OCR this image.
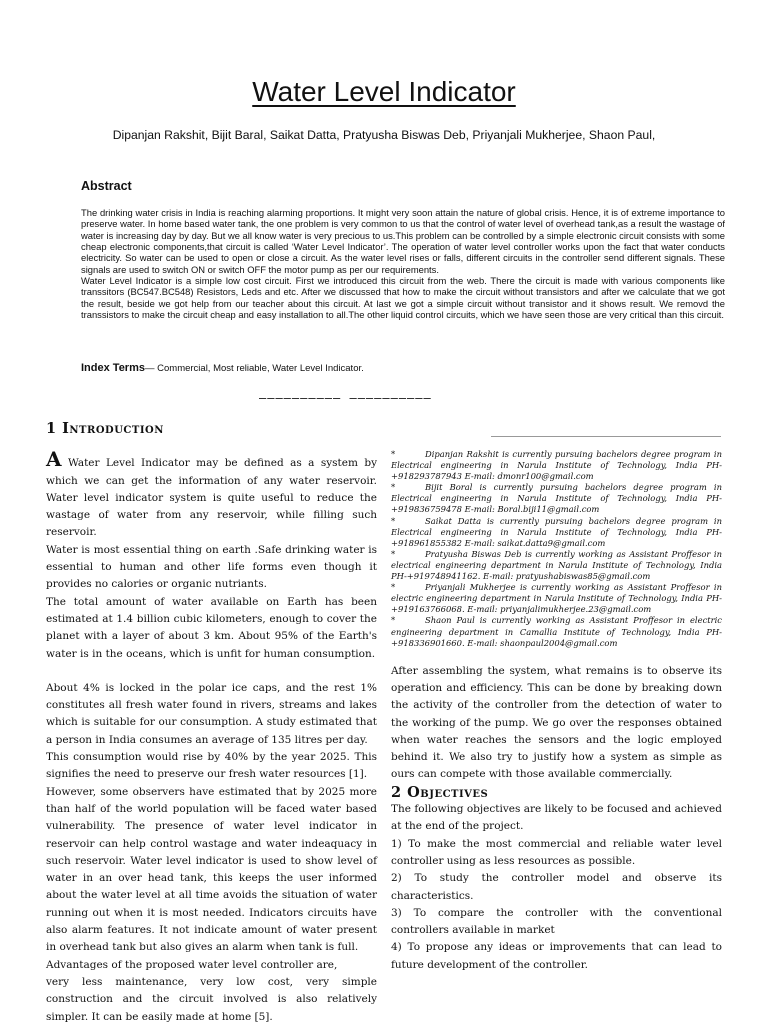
Water Level Indicator
Dipanjan Rakshit, Bijit Baral, Saikat Datta, Pratyusha Biswas Deb, Priyanjali Mukherjee, Shaon Paul,
Abstract

The drinking water crisis in India is reaching alarming proportions. It might very soon attain the nature of global crisis. Hence, it is of extreme importance to preserve water. In home based water tank, the one problem is very common to us that the control of water level of overhead tank,as a result the wastage of water is increasing day by day. But we all know water is very precious to us.This problem can be controlled by a simple electronic circuit consists with some cheap electronic components,that circuit is called ‘Water Level Indicator’. The operation of water level controller works upon the fact that water conducts electricity. So water can be used to open or close a circuit. As the water level rises or falls, different circuits in the controller send different signals. These signals are used to switch ON or switch OFF the motor pump as per our requirements.

Water Level Indicator is a simple low cost circuit. First we introduced this circuit from the web. There the circuit is made with various components like transsitors (BC547.BC548) Resistors, Leds and etc. After we discussed that how to make the circuit without transistors and after we calculate that we got the result, beside we got help from our teacher about this circuit. At last we got a simple circuit without transistor and it shows result. We removd the transsistors to make the circuit cheap and easy installation to all.The other liquid control circuits, which we have seen those are very critical than this circuit.

Index Terms— Commercial, Most reliable, Water Level Indicator.
—————————— ——————————

1 Introduction

A Water Level Indicator may be defined as a system by which we can get the information of any water reservoir. Water level indicator system is quite useful to reduce the wastage of water from any reservoir, while filling such reservoir.

Water is most essential thing on earth .Safe drinking water is essential to human and other life forms even though it provides no calories or organic nutriants.

The total amount of water available on Earth has been estimated at 1.4 billion cubic kilometers, enough to cover the planet with a layer of about 3 km. About 95% of the Earth's water is in the oceans, which is unfit for human consumption.

About 4% is locked in the polar ice caps, and the rest 1% constitutes all fresh water found in rivers, streams and lakes which is suitable for our consumption. A study estimated that a person in India consumes an average of 135 litres per day.

This consumption would rise by 40% by the year 2025. This signifies the need to preserve our fresh water resources [1].

However, some observers have estimated that by 2025 more than half of the world population will be faced water based vulnerability. The presence of water level indicator in reservoir can help control wastage and water indeaquacy in such reservoir. Water level indicator is used to show level of water in an over head tank, this keeps the user informed about the water level at all time avoids the situation of water running out when it is most needed. Indicators circuits have also alarm features. It not indicate amount of water present in overhead tank but also gives an alarm when tank is full.

Advantages of the proposed water level controller are,

very less maintenance, very low cost, very simple construction and the circuit involved is also relatively simpler. It can be easily made at home [5].

*	Dipanjan Rakshit is currently pursuing bachelors degree program in Electrical engineering in Narula Institute of Technology, India PH-+918293787943 E-mail: dmonr100@gmail.com

*	Bijit Boral is currently pursuing bachelors degree program in Electrical engineering in Narula Institute of Technology, India PH-+919836759478 E-mail: Boral.biji11@gmail.com

*	Saikat Datta is currently pursuing bachelors degree program in Electrical engineering in Narula Institute of Technology, India PH-+918961855382 E-mail: saikat.datta9@gmail.com

*	Pratyusha Biswas Deb is currently working as Assistant Proffesor in electrical engineering department in Narula Institute of Technology, India PH-+919748941162. E-mail: pratyushabiswas85@gmail.com

*	Priyanjali Mukherjee is currently working as Assistant Proffesor in electric engineering department in Narula Institute of Technology, India PH-+919163766068. E-mail: priyanjalimukherjee.23@gmail.com

*	Shaon Paul is currently working as Assistant Proffesor in electric engineering department in Camallia Institute of Technology, India PH-+918336901660. E-mail: shaonpaul2004@gmail.com

After assembling the system, what remains is to observe its operation and efficiency. This can be done by breaking down the activity of the controller from the detection of water to the working of the pump. We go over the responses obtained when water reaches the sensors and the logic employed behind it. We also try to justify how a system as simple as ours can compete with those available commercially.

2 Objectives

The following objectives are likely to be focused and achieved at the end of the project.

1) To make the most commercial and reliable water level controller using as less resources as possible.

2) To study the controller model and observe its characteristics.

3) To compare the controller with the conventional controllers available in market

4) To propose any ideas or improvements that can lead to future development of the controller.
